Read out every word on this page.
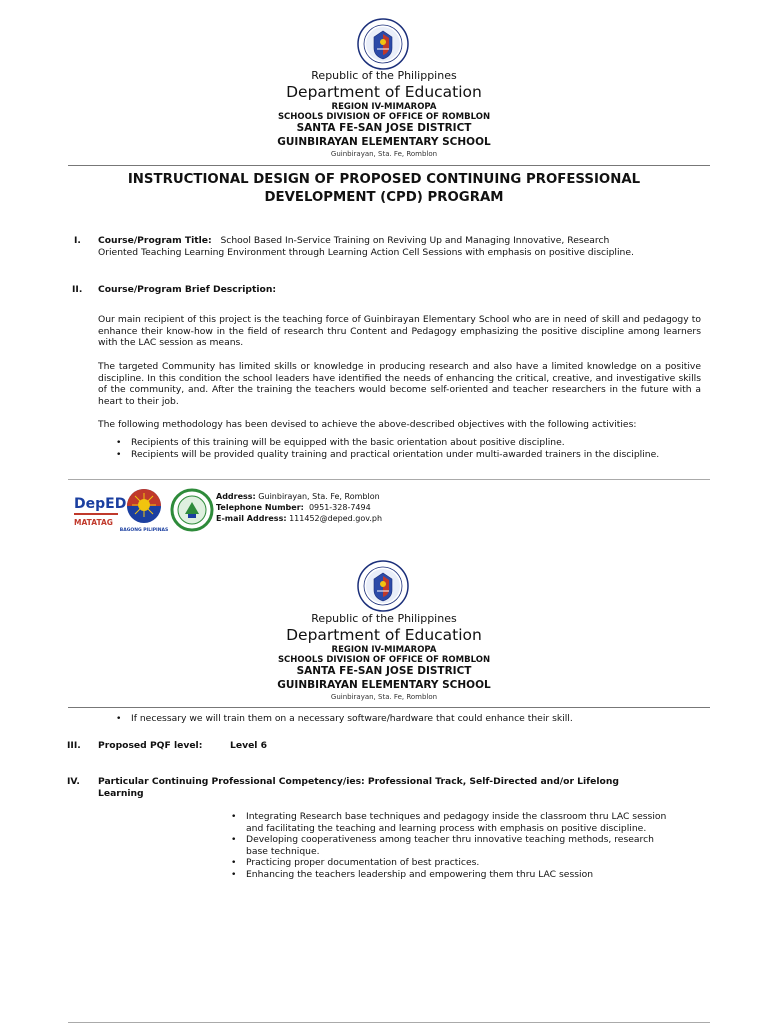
Republic of the Philippines
Department of Education
REGION IV-MIMAROPA
SCHOOLS DIVISION OF OFFICE OF ROMBLON
SANTA FE-SAN JOSE DISTRICT
GUINBIRAYAN ELEMENTARY SCHOOL
Guinbirayan, Sta. Fe, Romblon
INSTRUCTIONAL DESIGN OF PROPOSED CONTINUING PROFESSIONAL
DEVELOPMENT (CPD) PROGRAM
I. Course/Program Title: School Based In-Service Training on Reviving Up and Managing Innovative, Research
Oriented Teaching Learning Environment through Learning Action Cell Sessions with emphasis on positive discipline.
II. Course/Program Brief Description:
Our main recipient of this project is the teaching force of Guinbirayan Elementary School who are in need of skill and pedagogy to enhance their know-how in the field of research thru Content and Pedagogy emphasizing the positive discipline among learners with the LAC session as means.
The targeted Community has limited skills or knowledge in producing research and also have a limited knowledge on a positive discipline. In this condition the school leaders have identified the needs of enhancing the critical, creative, and investigative skills of the community, and. After the training the teachers would become self-oriented and teacher researchers in the future with a heart to their job.
The following methodology has been devised to achieve the above-described objectives with the following activities:
• Recipients of this training will be equipped with the basic orientation about positive discipline.
• Recipients will be provided quality training and practical orientation under multi-awarded trainers in the discipline.
DepED
MATATAG
BAGONG PILIPINAS
Address: Guinbirayan, Sta. Fe, Romblon
Telephone Number: 0951-328-7494
E-mail Address: 111452@deped.gov.ph
Republic of the Philippines
Department of Education
REGION IV-MIMAROPA
SCHOOLS DIVISION OF OFFICE OF ROMBLON
SANTA FE-SAN JOSE DISTRICT
GUINBIRAYAN ELEMENTARY SCHOOL
Guinbirayan, Sta. Fe, Romblon
• If necessary we will train them on a necessary software/hardware that could enhance their skill.
III. Proposed PQF level:	Level 6
IV. Particular Continuing Professional Competency/ies: Professional Track, Self-Directed and/or Lifelong
Learning
• Integrating Research base techniques and pedagogy inside the classroom thru LAC session and facilitating the teaching and learning process with emphasis on positive discipline.
• Developing cooperativeness among teacher thru innovative teaching methods, research base technique.
• Practicing proper documentation of best practices.
• Enhancing the teachers leadership and empowering them thru LAC session
